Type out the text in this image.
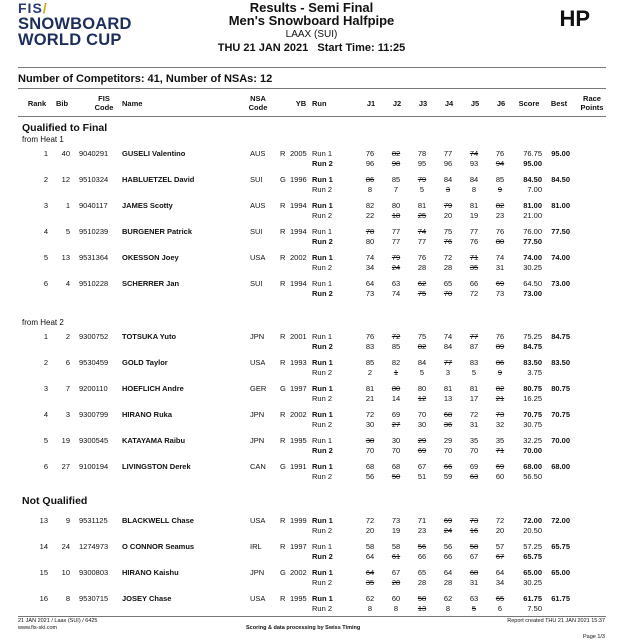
FIS/
SNOWBOARD
WORLD CUP
Results - Semi Final
Men's Snowboard Halfpipe
LAAX (SUI)
THU 21 JAN 2021   Start Time: 11:25
HP
Number of Competitors: 41, Number of NSAs: 12
Rank Bib
FIS
Code	Name
NSA
Code	YB Run	J1 J2 J3 J4 J5 J6	Score	Best
Race
Points
Qualified to Final
from Heat 1
1	40 9040291 GUSELI Valentino	AUS R 2005	95.00
Run 1	76	82	78	77	74	76	76.75
Run 2	96	98	95	96	93	94	95.00
2	12 9510324 HABLUETZEL David	SUI G 1996	84.50
Run 1	86	85	79	84	84	85	84.50
Run 2	8	7	5	3	8	9	7.00
3	1 9040117 JAMES Scotty	AUS R 1994	81.00
Run 1	82	80	81	79	81	82	81.00
Run 2	22	18	25	20	19	23	21.00
4	5 9510239 BURGENER Patrick	SUI R 1994	77.50
Run 1	78	77	74	75	77	76	76.00
Run 2	80	77	77	76	76	80	77.50
5	13 9531364 OKESSON Joey	USA R 2002	74.00
Run 1	74	79	76	72	71	74	74.00
Run 2	34	24	28	28	35	31	30.25
6	4 9510228 SCHERRER Jan	SUI R 1994	73.00
Run 1	64	63	62	65	66	69	64.50
Run 2	73	74	75	70	72	73	73.00
from Heat 2
1	2 9300752 TOTSUKA Yuto	JPN R 2001	84.75
Run 1	76	72	75	74	77	76	75.25
Run 2	83	85	82	84	87	89	84.75
2	6 9530459 GOLD Taylor	USA R 1993	83.50
Run 1	85	82	84	77	83	86	83.50
Run 2	2	1	5	3	5	9	3.75
3	7 9200110 HOEFLICH Andre	GER G 1997	80.75
Run 1	81	80	80	81	81	82	80.75
Run 2	21	14	12	13	17	21	16.25
4	3 9300799 HIRANO Ruka	JPN R 2002	70.75
Run 1	72	69	70	68	72	73	70.75
Run 2	30	27	30	36	31	32	30.75
5	19 9300545 KATAYAMA Raibu	JPN R 1995	70.00
Run 1	38	30	29	29	35	35	32.25
Run 2	70	70	69	70	70	71	70.00
6	27 9100194 LIVINGSTON Derek	CAN G 1991	68.00
Run 1	68	68	67	66	69	69	68.00
Run 2	56	50	51	59	63	60	56.50
Not Qualified
13	9 9531125 BLACKWELL Chase	USA R 1999	72.00
Run 1	72	73	71	69	73	72	72.00
Run 2	20	19	23	24	16	20	20.50
14	24 1274973 O CONNOR Seamus	IRL R 1997	65.75
Run 1	58	58	56	56	58	57	57.25
Run 2	64	61	66	66	67	67	65.75
15	10 9300803 HIRANO Kaishu	JPN G 2002	65.00
Run 1	64	67	65	64	68	64	65.00
Run 2	35	28	28	28	31	34	30.25
16	8 9530715 JOSEY Chase	USA R 1995	61.75
Run 1	62	60	58	62	63	65	61.75
Run 2	8	8	13	8	5	6	7.50
21 JAN 2021 / Laax (SUI) / 6425
www.fis-ski.com	Scoring & data processing by Swiss Timing
Report created THU 21 JAN 2021 15:37
Page 1/3
